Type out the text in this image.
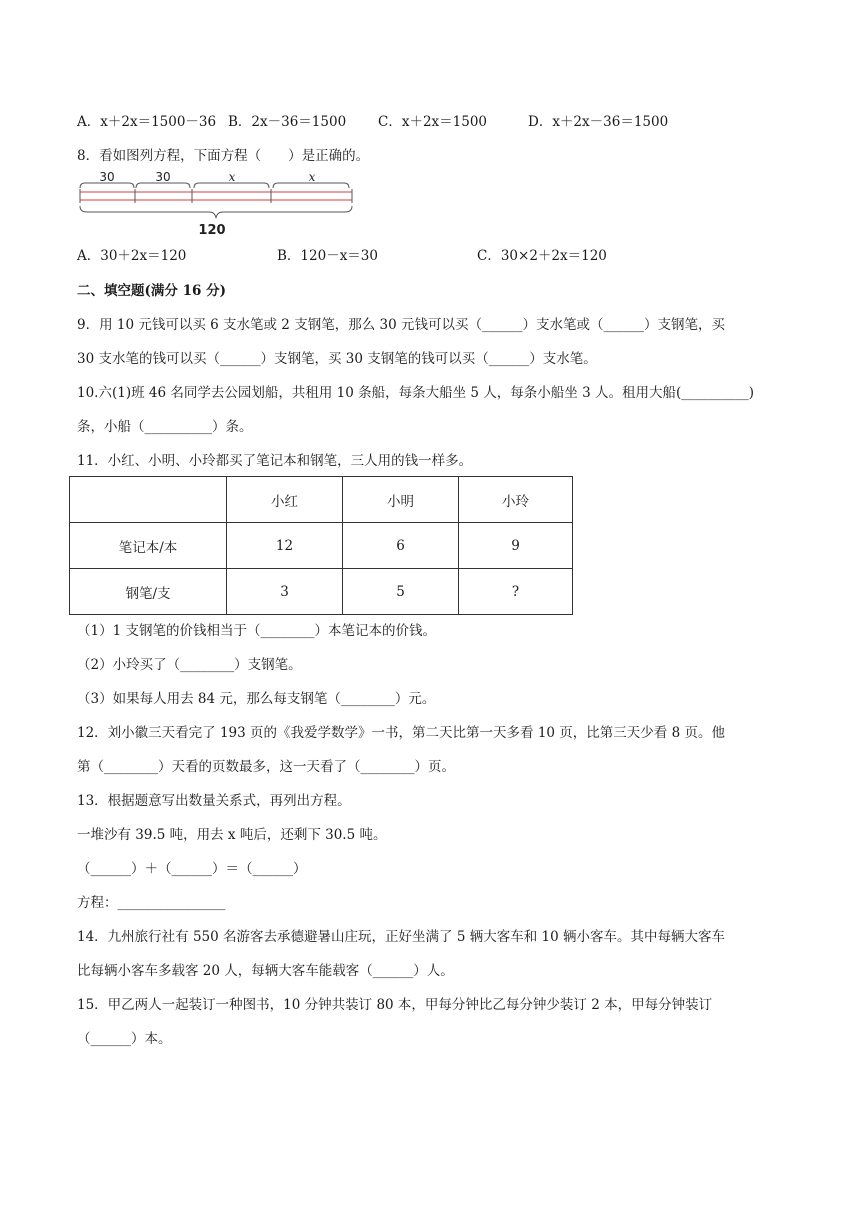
A．x＋2x＝1500－36 B．2x－36＝1500 C．x＋2x＝1500	D．x＋2x－36＝1500
8．看如图列方程，下面方程（　　）是正确的。
30	30	x	x
120
A．30＋2x＝120	B．120－x＝30	C．30×2＋2x＝120
二、填空题(满分 16 分)
9．用 10 元钱可以买 6 支水笔或 2 支钢笔，那么 30 元钱可以买（______）支水笔或（______）支钢笔，买
30 支水笔的钱可以买（______）支钢笔，买 30 支钢笔的钱可以买（______）支水笔。
10.六(1)班 46 名同学去公园划船，共租用 10 条船，每条大船坐 5 人，每条小船坐 3 人。租用大船(__________)
条，小船（__________）条。
11．小红、小明、小玲都买了笔记本和钢笔，三人用的钱一样多。
	小红	小明	小玲
笔记本/本	12	6	9
钢笔/支	3	5	?
（1）1 支钢笔的价钱相当于（________）本笔记本的价钱。
（2）小玲买了（________）支钢笔。
（3）如果每人用去 84 元，那么每支钢笔（________）元。
12．刘小徽三天看完了 193 页的《我爱学数学》一书，第二天比第一天多看 10 页，比第三天少看 8 页。他
第（________）天看的页数最多，这一天看了（________）页。
13．根据题意写出数量关系式，再列出方程。
一堆沙有 39.5 吨，用去 x 吨后，还剩下 30.5 吨。
（______）＋（______）＝（______）
方程：________________
14．九州旅行社有 550 名游客去承德避暑山庄玩，正好坐满了 5 辆大客车和 10 辆小客车。其中每辆大客车
比每辆小客车多载客 20 人，每辆大客车能载客（______）人。
15．甲乙两人一起装订一种图书，10 分钟共装订 80 本，甲每分钟比乙每分钟少装订 2 本，甲每分钟装订
（______）本。
